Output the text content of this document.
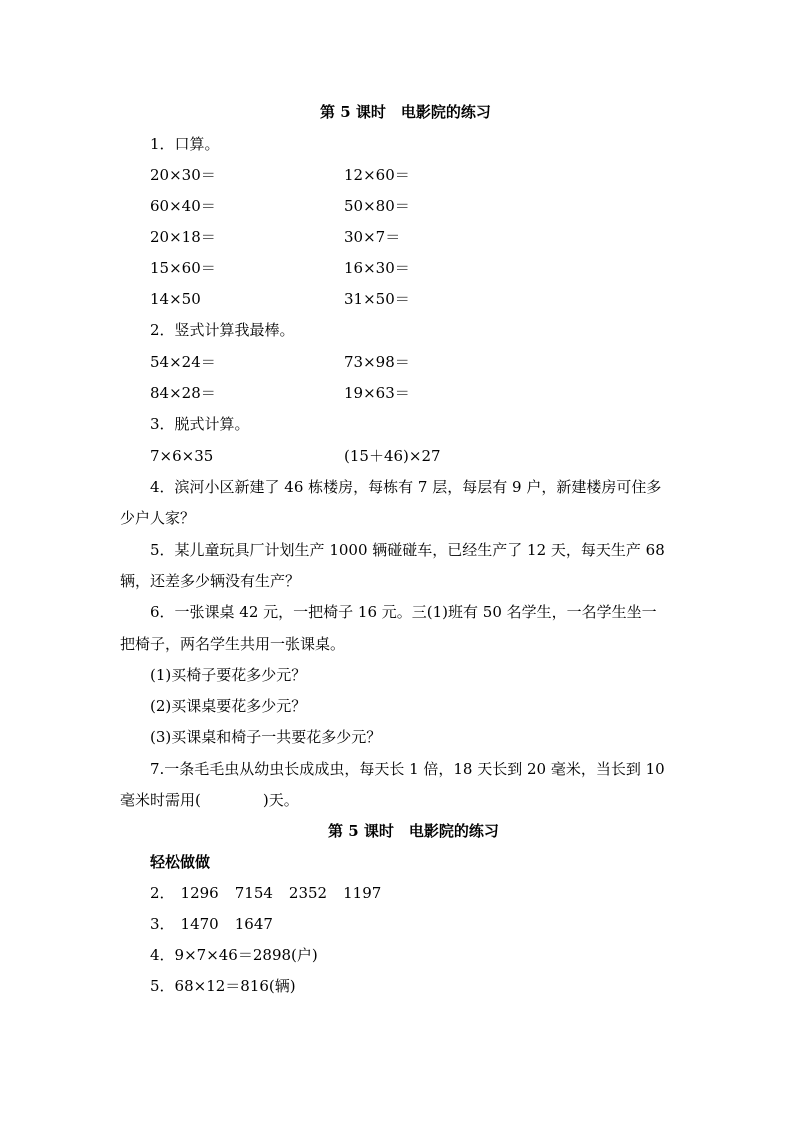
第 5 课时　电影院的练习
1．口算。
20×30＝	12×60＝
60×40＝	50×80＝
20×18＝	30×7＝
15×60＝	16×30＝
14×50	31×50＝
2．竖式计算我最棒。
54×24＝	73×98＝
84×28＝	19×63＝
3．脱式计算。
7×6×35	(15＋46)×27
4．滨河小区新建了 46 栋楼房，每栋有 7 层，每层有 9 户，新建楼房可住多
少户人家？
5．某儿童玩具厂计划生产 1000 辆碰碰车，已经生产了 12 天，每天生产 68
辆，还差多少辆没有生产？
6．一张课桌 42 元，一把椅子 16 元。三(1)班有 50 名学生，一名学生坐一
把椅子，两名学生共用一张课桌。
(1)买椅子要花多少元？
(2)买课桌要花多少元？
(3)买课桌和椅子一共要花多少元？
7.一条毛毛虫从幼虫长成成虫，每天长 1 倍，18 天长到 20 毫米，当长到 10
毫米时需用(	)天。
第 5 课时　电影院的练习
轻松做做
2． 1296 7154 2352 1197
3． 1470 1647
4．9×7×46＝2898(户)
5．68×12＝816(辆)
